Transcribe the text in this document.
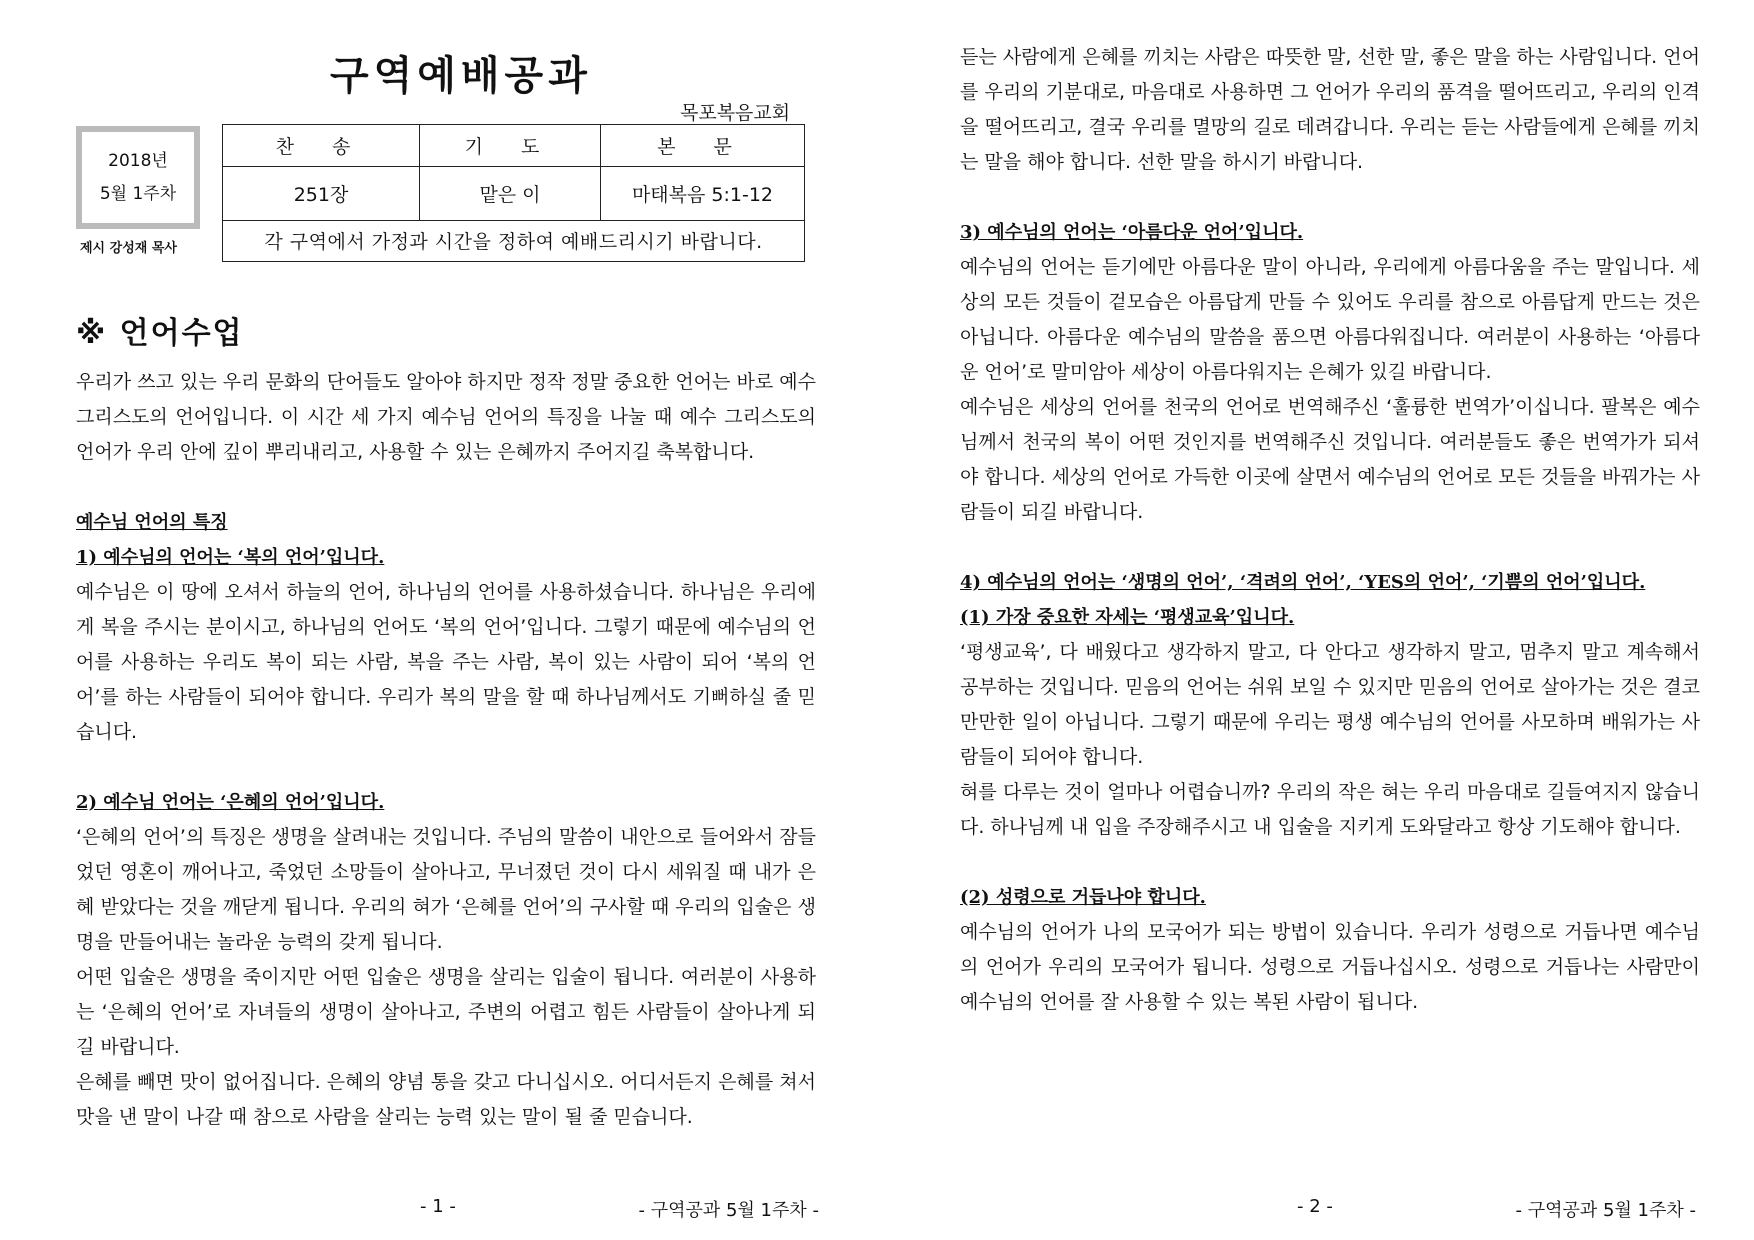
구역예배공과
목포복음교회
2018년
5월 1주차
제시 강성재 목사
찬 송	기 도	본 문
251장	맡은 이	마태복음 5:1-12
각 구역에서 가정과 시간을 정하여 예배드리시기 바랍니다.		
※ 언어수업

우리가 쓰고 있는 우리 문화의 단어들도 알아야 하지만 정작 정말 중요한 언어는 바로 예수 그리스도의 언어입니다. 이 시간 세 가지 예수님 언어의 특징을 나눌 때 예수 그리스도의 언어가 우리 안에 깊이 뿌리내리고, 사용할 수 있는 은혜까지 주어지길 축복합니다.

예수님 언어의 특징
1) 예수님의 언어는 ‘복의 언어’입니다.

예수님은 이 땅에 오셔서 하늘의 언어, 하나님의 언어를 사용하셨습니다. 하나님은 우리에게 복을 주시는 분이시고, 하나님의 언어도 ‘복의 언어’입니다. 그렇기 때문에 예수님의 언어를 사용하는 우리도 복이 되는 사람, 복을 주는 사람, 복이 있는 사람이 되어 ‘복의 언어’를 하는 사람들이 되어야 합니다. 우리가 복의 말을 할 때 하나님께서도 기뻐하실 줄 믿습니다.

2) 예수님 언어는 ‘은혜의 언어’입니다.

‘은혜의 언어’의 특징은 생명을 살려내는 것입니다. 주님의 말씀이 내안으로 들어와서 잠들었던 영혼이 깨어나고, 죽었던 소망들이 살아나고, 무너졌던 것이 다시 세워질 때 내가 은혜 받았다는 것을 깨닫게 됩니다. 우리의 혀가 ‘은혜를 언어’의 구사할 때 우리의 입술은 생명을 만들어내는 놀라운 능력의 갖게 됩니다.

어떤 입술은 생명을 죽이지만 어떤 입술은 생명을 살리는 입술이 됩니다. 여러분이 사용하는 ‘은혜의 언어’로 자녀들의 생명이 살아나고, 주변의 어렵고 힘든 사람들이 살아나게 되길 바랍니다.

은혜를 빼면 맛이 없어집니다. 은혜의 양념 통을 갖고 다니십시오. 어디서든지 은혜를 쳐서 맛을 낸 말이 나갈 때 참으로 사람을 살리는 능력 있는 말이 될 줄 믿습니다.

- 1 -	- 구역공과 5월 1주차 -

듣는 사람에게 은혜를 끼치는 사람은 따뜻한 말, 선한 말, 좋은 말을 하는 사람입니다. 언어를 우리의 기분대로, 마음대로 사용하면 그 언어가 우리의 품격을 떨어뜨리고, 우리의 인격을 떨어뜨리고, 결국 우리를 멸망의 길로 데려갑니다. 우리는 듣는 사람들에게 은혜를 끼치는 말을 해야 합니다. 선한 말을 하시기 바랍니다.

3) 예수님의 언어는 ‘아름다운 언어’입니다.

예수님의 언어는 듣기에만 아름다운 말이 아니라, 우리에게 아름다움을 주는 말입니다. 세상의 모든 것들이 겉모습은 아름답게 만들 수 있어도 우리를 참으로 아름답게 만드는 것은 아닙니다. 아름다운 예수님의 말씀을 품으면 아름다워집니다. 여러분이 사용하는 ‘아름다운 언어’로 말미암아 세상이 아름다워지는 은혜가 있길 바랍니다.

예수님은 세상의 언어를 천국의 언어로 번역해주신 ‘훌륭한 번역가’이십니다. 팔복은 예수님께서 천국의 복이 어떤 것인지를 번역해주신 것입니다. 여러분들도 좋은 번역가가 되셔야 합니다. 세상의 언어로 가득한 이곳에 살면서 예수님의 언어로 모든 것들을 바꿔가는 사람들이 되길 바랍니다.

4) 예수님의 언어는 ‘생명의 언어’, ‘격려의 언어’, ‘YES의 언어’, ‘기쁨의 언어’입니다.
(1) 가장 중요한 자세는 ‘평생교육’입니다.

‘평생교육’, 다 배웠다고 생각하지 말고, 다 안다고 생각하지 말고, 멈추지 말고 계속해서 공부하는 것입니다. 믿음의 언어는 쉬워 보일 수 있지만 믿음의 언어로 살아가는 것은 결코 만만한 일이 아닙니다. 그렇기 때문에 우리는 평생 예수님의 언어를 사모하며 배워가는 사람들이 되어야 합니다.

혀를 다루는 것이 얼마나 어렵습니까? 우리의 작은 혀는 우리 마음대로 길들여지지 않습니다. 하나님께 내 입을 주장해주시고 내 입술을 지키게 도와달라고 항상 기도해야 합니다.

(2) 성령으로 거듭나야 합니다.

예수님의 언어가 나의 모국어가 되는 방법이 있습니다. 우리가 성령으로 거듭나면 예수님의 언어가 우리의 모국어가 됩니다. 성령으로 거듭나십시오. 성령으로 거듭나는 사람만이 예수님의 언어를 잘 사용할 수 있는 복된 사람이 됩니다.

- 2 -	- 구역공과 5월 1주차 -
